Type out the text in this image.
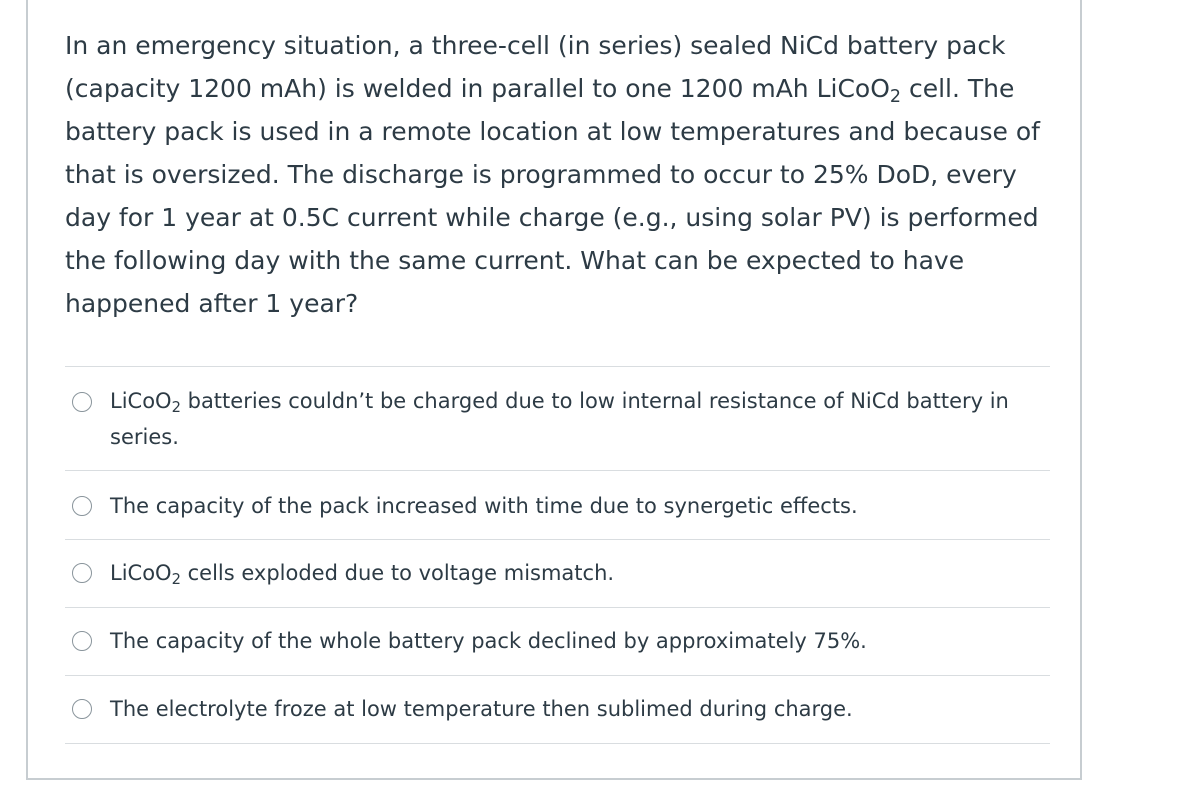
In an emergency situation, a three-cell (in series) sealed NiCd battery pack (capacity 1200 mAh) is welded in parallel to one 1200 mAh LiCoO$_2$ cell. The battery pack is used in a remote location at low temperatures and because of that is oversized. The discharge is programmed to occur to 25% DoD, every day for 1 year at 0.5C current while charge (e.g., using solar PV) is performed the following day with the same current. What can be expected to have happened after 1 year?

LiCoO$_2$ batteries couldn’t be charged due to low internal resistance of NiCd battery in series.
The capacity of the pack increased with time due to synergetic effects.
LiCoO$_2$ cells exploded due to voltage mismatch.
The capacity of the whole battery pack declined by approximately 75%.
The electrolyte froze at low temperature then sublimed during charge.
